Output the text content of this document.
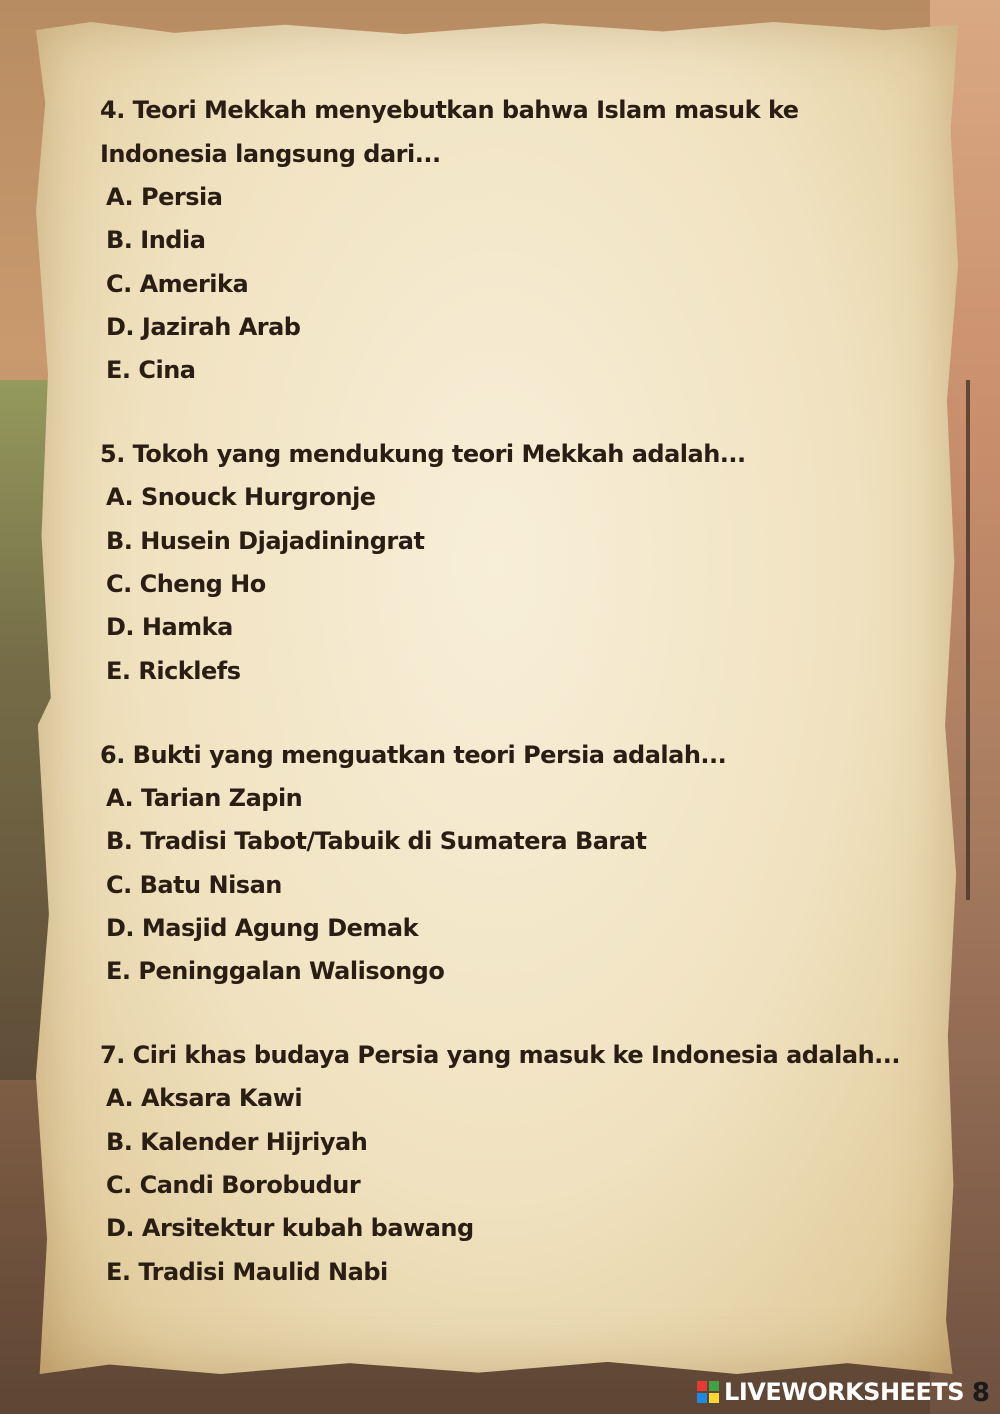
4. Teori Mekkah menyebutkan bahwa Islam masuk ke Indonesia langsung dari...

A. Persia

B. India

C. Amerika

D. Jazirah Arab

E. Cina

5. Tokoh yang mendukung teori Mekkah adalah...

A. Snouck Hurgronje

B. Husein Djajadiningrat

C. Cheng Ho

D. Hamka

E. Ricklefs

6. Bukti yang menguatkan teori Persia adalah...

A. Tarian Zapin

B. Tradisi Tabot/Tabuik di Sumatera Barat

C. Batu Nisan

D. Masjid Agung Demak

E. Peninggalan Walisongo

7. Ciri khas budaya Persia yang masuk ke Indonesia adalah...

A. Aksara Kawi

B. Kalender Hijriyah

C. Candi Borobudur

D. Arsitektur kubah bawang

E. Tradisi Maulid Nabi

LIVEWORKSHEETS 8
